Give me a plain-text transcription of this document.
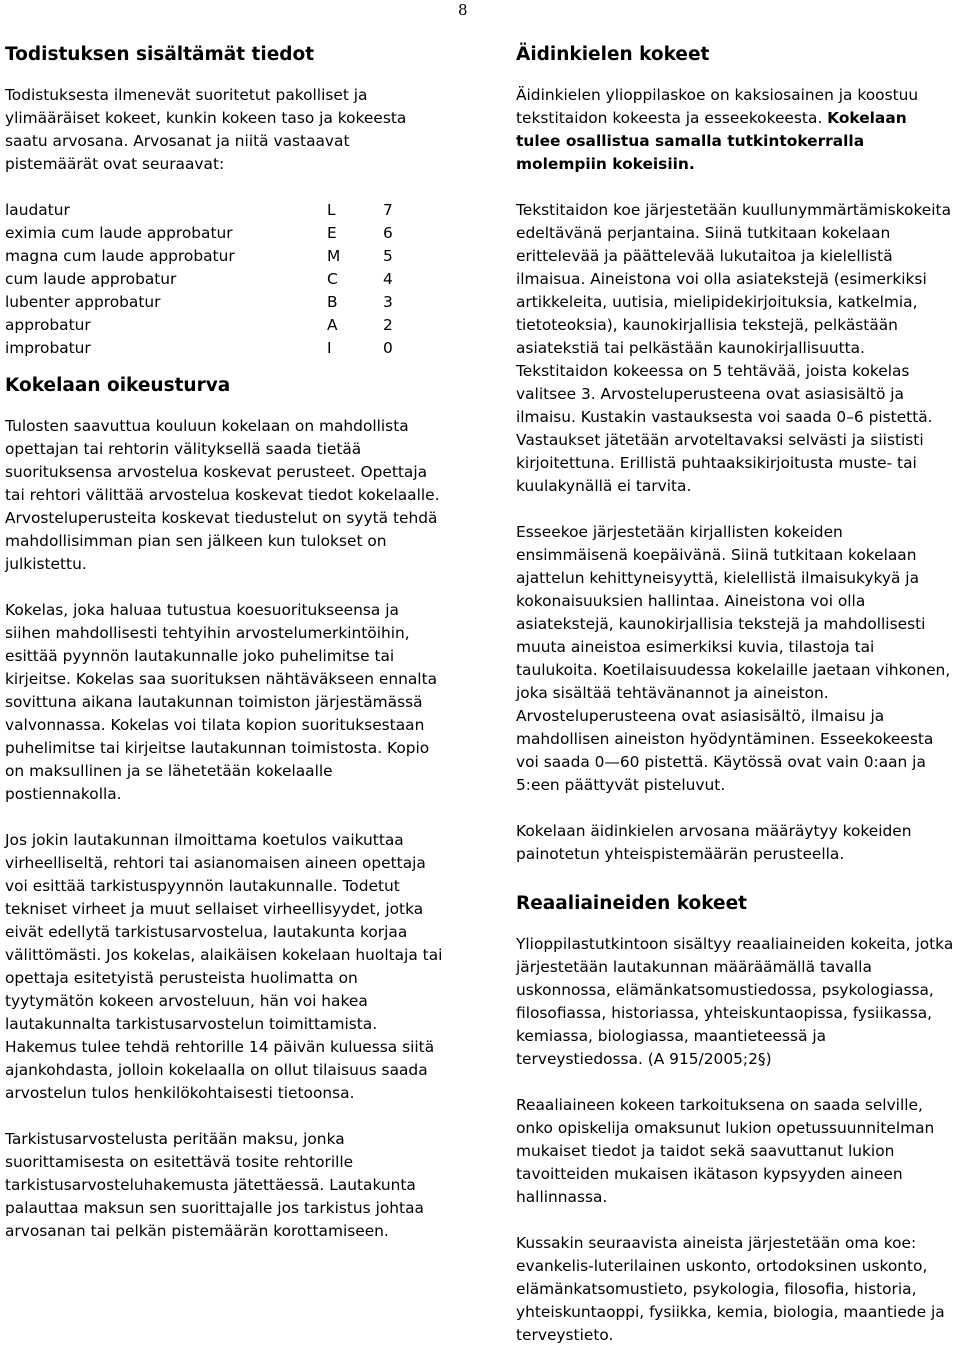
8
Todistuksen sisältämät tiedot

Todistuksesta ilmenevät suoritetut pakolliset ja ylimääräiset kokeet, kunkin kokeen taso ja kokeesta saatu arvosana. Arvosanat ja niitä vastaavat pistemäärät ovat seuraavat:

laudatur	L	7
eximia cum laude approbatur	E	6
magna cum laude approbatur	M	5
cum laude approbatur	C	4
lubenter approbatur	B	3
approbatur	A	2
improbatur	I	0
Kokelaan oikeusturva

Tulosten saavuttua kouluun kokelaan on mahdollista opettajan tai rehtorin välityksellä saada tietää suorituksensa arvostelua koskevat perusteet. Opettaja tai rehtori välittää arvostelua koskevat tiedot kokelaalle. Arvosteluperusteita koskevat tiedustelut on syytä tehdä mahdollisimman pian sen jälkeen kun tulokset on julkistettu.

Kokelas, joka haluaa tutustua koesuoritukseensa ja siihen mahdollisesti tehtyihin arvostelumerkintöihin, esittää pyynnön lautakunnalle joko puhelimitse tai kirjeitse. Kokelas saa suorituksen nähtäväkseen ennalta sovittuna aikana lautakunnan toimiston järjestämässä valvonnassa. Kokelas voi tilata kopion suorituksestaan puhelimitse tai kirjeitse lautakunnan toimistosta. Kopio on maksullinen ja se lähetetään kokelaalle postiennakolla.

Jos jokin lautakunnan ilmoittama koetulos vaikuttaa virheelliseltä, rehtori tai asianomaisen aineen opettaja voi esittää tarkistuspyynnön lautakunnalle. Todetut tekniset virheet ja muut sellaiset virheellisyydet, jotka eivät edellytä tarkistusarvostelua, lautakunta korjaa välittömästi. Jos kokelas, alaikäisen kokelaan huoltaja tai opettaja esitetyistä perusteista huolimatta on tyytymätön kokeen arvosteluun, hän voi hakea lautakunnalta tarkistusarvostelun toimittamista. Hakemus tulee tehdä rehtorille 14 päivän kuluessa siitä ajankohdasta, jolloin kokelaalla on ollut tilaisuus saada arvostelun tulos henkilökohtaisesti tietoonsa.

Tarkistusarvostelusta peritään maksu, jonka suorittamisesta on esitettävä tosite rehtorille tarkistusarvosteluhakemusta jätettäessä. Lautakunta palauttaa maksun sen suorittajalle jos tarkistus johtaa arvosanan tai pelkän pistemäärän korottamiseen.

Äidinkielen kokeet

Äidinkielen ylioppilaskoe on kaksiosainen ja koostuu tekstitaidon kokeesta ja esseekokeesta. Kokelaan tulee osallistua samalla tutkintokerralla molempiin kokeisiin.

Tekstitaidon koe järjestetään kuullunymmärtämiskokeita edeltävänä perjantaina. Siinä tutkitaan kokelaan erittelevää ja päättelevää lukutaitoa ja kielellistä ilmaisua. Aineistona voi olla asiatekstejä (esimerkiksi artikkeleita, uutisia, mielipidekirjoituksia, katkelmia, tietoteoksia), kaunokirjallisia tekstejä, pelkästään asiatekstiä tai pelkästään kaunokirjallisuutta. Tekstitaidon kokeessa on 5 tehtävää, joista kokelas valitsee 3. Arvosteluperusteena ovat asiasisältö ja ilmaisu. Kustakin vastauksesta voi saada 0–6 pistettä. Vastaukset jätetään arvoteltavaksi selvästi ja siististi kirjoitettuna. Erillistä puhtaaksikirjoitusta muste- tai kuulakynällä ei tarvita.

Esseekoe järjestetään kirjallisten kokeiden ensimmäisenä koepäivänä. Siinä tutkitaan kokelaan ajattelun kehittyneisyyttä, kielellistä ilmaisukykyä ja kokonaisuuksien hallintaa. Aineistona voi olla asiatekstejä, kaunokirjallisia tekstejä ja mahdollisesti muuta aineistoa esimerkiksi kuvia, tilastoja tai taulukoita. Koetilaisuudessa kokelaille jaetaan vihkonen, joka sisältää tehtävänannot ja aineiston. Arvosteluperusteena ovat asiasisältö, ilmaisu ja mahdollisen aineiston hyödyntäminen. Esseekokeesta voi saada 0—60 pistettä. Käytössä ovat vain 0:aan ja 5:een päättyvät pisteluvut.

Kokelaan äidinkielen arvosana määräytyy kokeiden painotetun yhteispistemäärän perusteella.

Reaaliaineiden kokeet

Ylioppilastutkintoon sisältyy reaaliaineiden kokeita, jotka järjestetään lautakunnan määräämällä tavalla uskonnossa, elämänkatsomustiedossa, psykologiassa, filosofiassa, historiassa, yhteiskuntaopissa, fysiikassa, kemiassa, biologiassa, maantieteessä ja terveystiedossa. (A 915/2005;2§)

Reaaliaineen kokeen tarkoituksena on saada selville, onko opiskelija omaksunut lukion opetussuunnitelman mukaiset tiedot ja taidot sekä saavuttanut lukion tavoitteiden mukaisen ikätason kypsyyden aineen hallinnassa.

Kussakin seuraavista aineista järjestetään oma koe: evankelis-luterilainen uskonto, ortodoksinen uskonto, elämänkatsomustieto, psykologia, filosofia, historia, yhteiskuntaoppi, fysiikka, kemia, biologia, maantiede ja terveystieto.
